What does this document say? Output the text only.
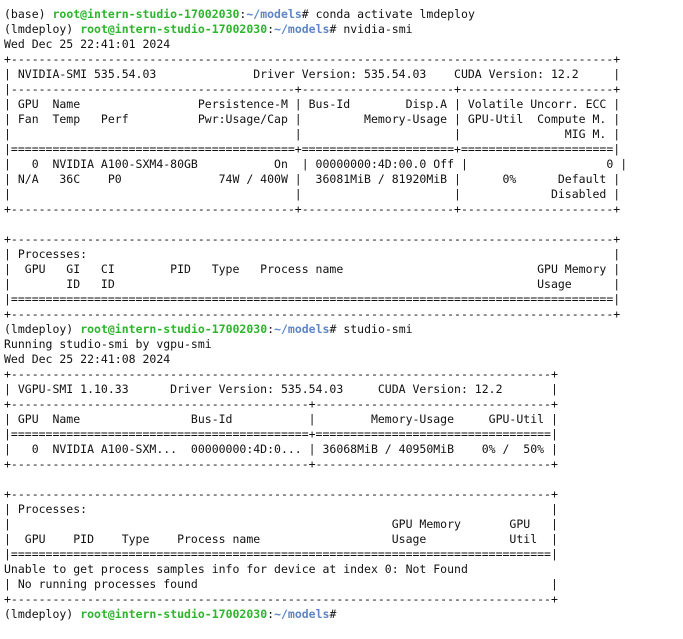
(base) root@intern-studio-17002030:~/models# conda activate lmdeploy
(lmdeploy) root@intern-studio-17002030:~/models# nvidia-smi
Wed Dec 25 22:41:01 2024
+---------------------------------------------------------------------------------------+
| NVIDIA-SMI 535.54.03              Driver Version: 535.54.03    CUDA Version: 12.2     |
|-----------------------------------------+----------------------+----------------------+
| GPU  Name                 Persistence-M | Bus-Id        Disp.A | Volatile Uncorr. ECC |
| Fan  Temp   Perf          Pwr:Usage/Cap |         Memory-Usage | GPU-Util  Compute M. |
|                                         |                      |               MIG M. |
|=========================================+======================+======================|
|   0  NVIDIA A100-SXM4-80GB           On  | 00000000:4D:00.0 Off |                    0 |
| N/A   36C    P0              74W / 400W |  36081MiB / 81920MiB |      0%      Default |
|                                         |                      |             Disabled |
+-----------------------------------------+----------------------+----------------------+
+---------------------------------------------------------------------------------------+
| Processes:                                                                            |
|  GPU   GI   CI        PID   Type   Process name                            GPU Memory |
|        ID   ID                                                             Usage      |
|=======================================================================================|
+---------------------------------------------------------------------------------------+
(lmdeploy) root@intern-studio-17002030:~/models# studio-smi
Running studio-smi by vgpu-smi
Wed Dec 25 22:41:08 2024
+------------------------------------------------------------------------------+
| VGPU-SMI 1.10.33      Driver Version: 535.54.03     CUDA Version: 12.2       |
+-------------------------------------------+----------------------------------+
| GPU  Name                Bus-Id           |        Memory-Usage     GPU-Util |
|===========================================+==================================|
|   0  NVIDIA A100-SXM...  00000000:4D:0... | 36068MiB / 40950MiB    0% /  50% |
+-------------------------------------------+----------------------------------+
+------------------------------------------------------------------------------+
| Processes:                                                                   |
|                                                       GPU Memory       GPU   |
|  GPU    PID    Type    Process name                   Usage            Util  |
|==============================================================================|
Unable to get process samples info for device at index 0: Not Found
| No running processes found                                                   |
+------------------------------------------------------------------------------+
(lmdeploy) root@intern-studio-17002030:~/models#
